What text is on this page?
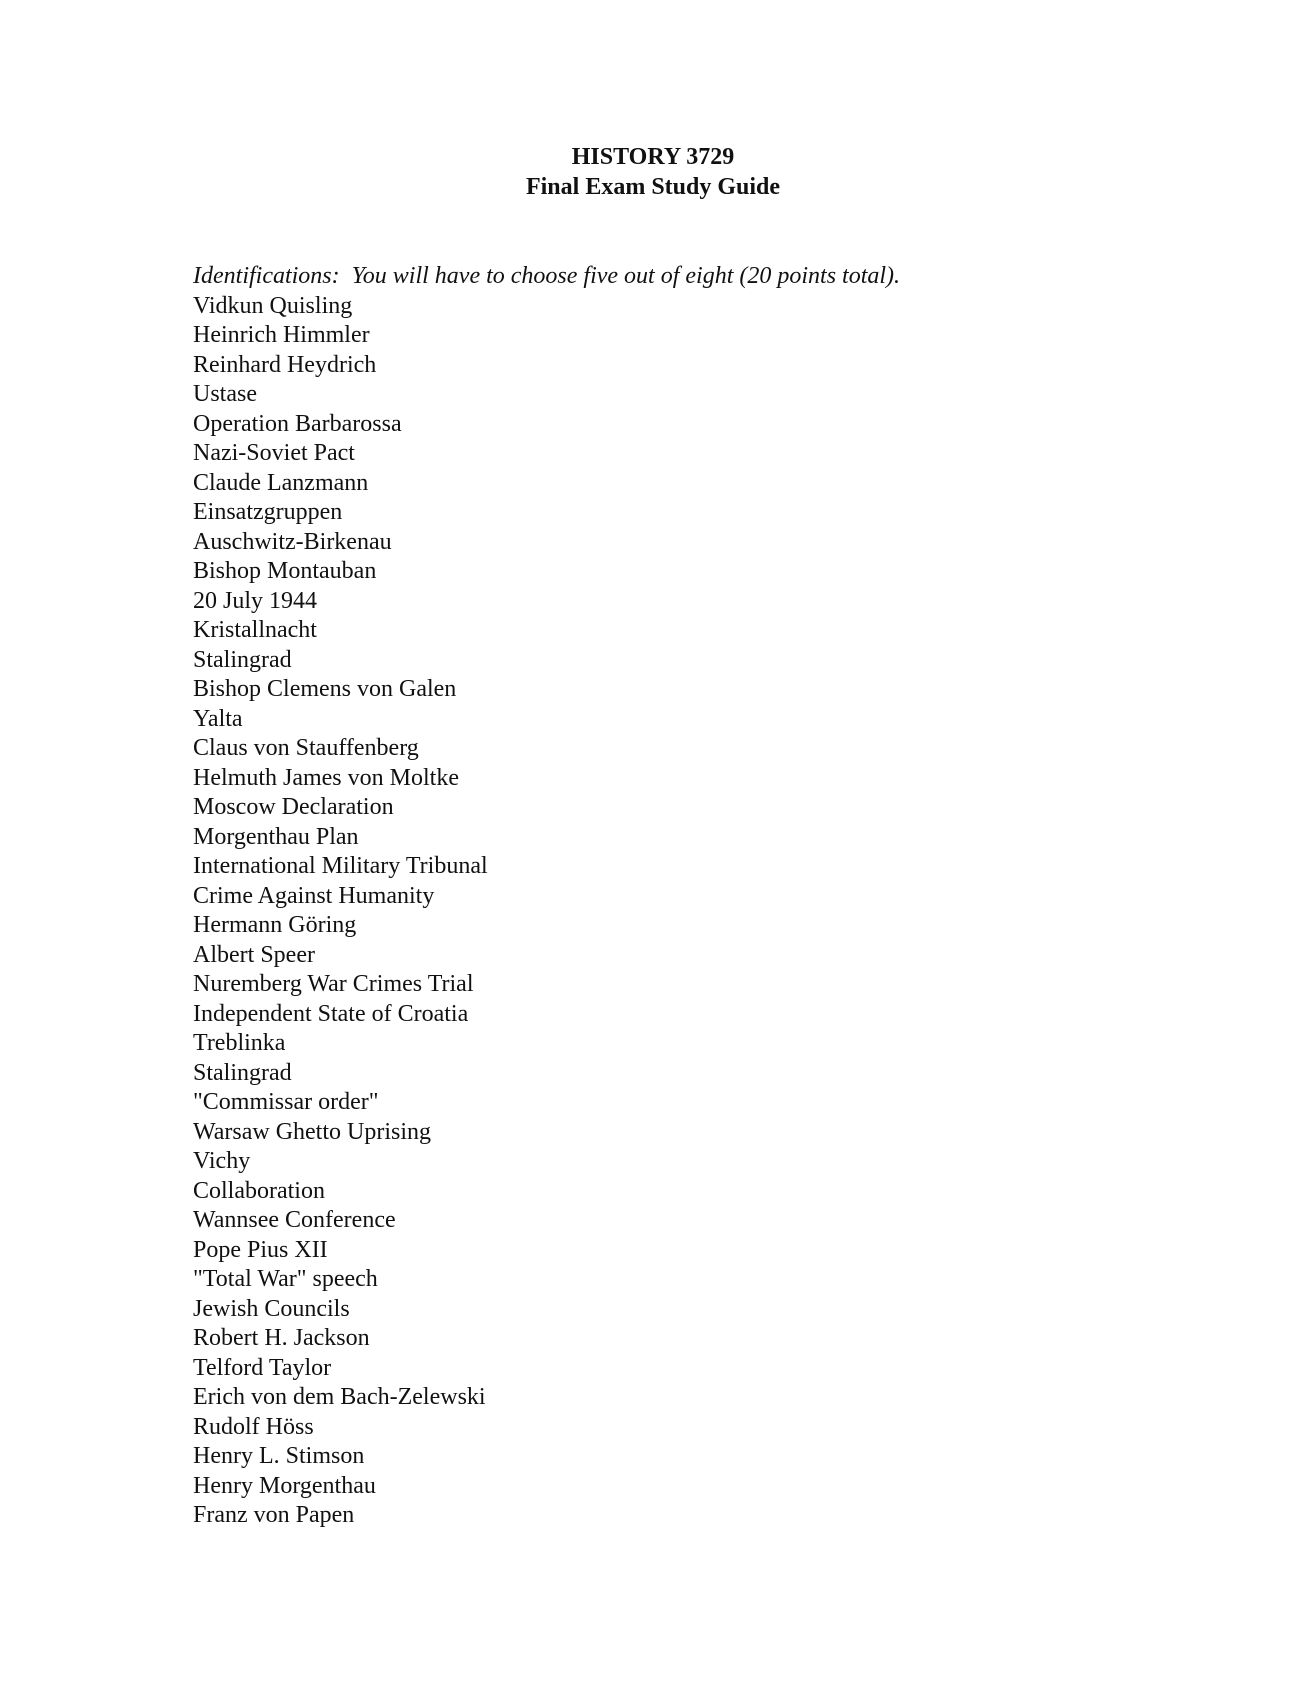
HISTORY 3729
Final Exam Study Guide
Identifications:  You will have to choose five out of eight (20 points total).
Vidkun Quisling
Heinrich Himmler
Reinhard Heydrich
Ustase
Operation Barbarossa
Nazi-Soviet Pact
Claude Lanzmann
Einsatzgruppen
Auschwitz-Birkenau
Bishop Montauban
20 July 1944
Kristallnacht
Stalingrad
Bishop Clemens von Galen
Yalta
Claus von Stauffenberg
Helmuth James von Moltke
Moscow Declaration
Morgenthau Plan
International Military Tribunal
Crime Against Humanity
Hermann Göring
Albert Speer
Nuremberg War Crimes Trial
Independent State of Croatia
Treblinka
Stalingrad
"Commissar order"
Warsaw Ghetto Uprising
Vichy
Collaboration
Wannsee Conference
Pope Pius XII
"Total War" speech
Jewish Councils
Robert H. Jackson
Telford Taylor
Erich von dem Bach-Zelewski
Rudolf Höss
Henry L. Stimson
Henry Morgenthau
Franz von Papen
